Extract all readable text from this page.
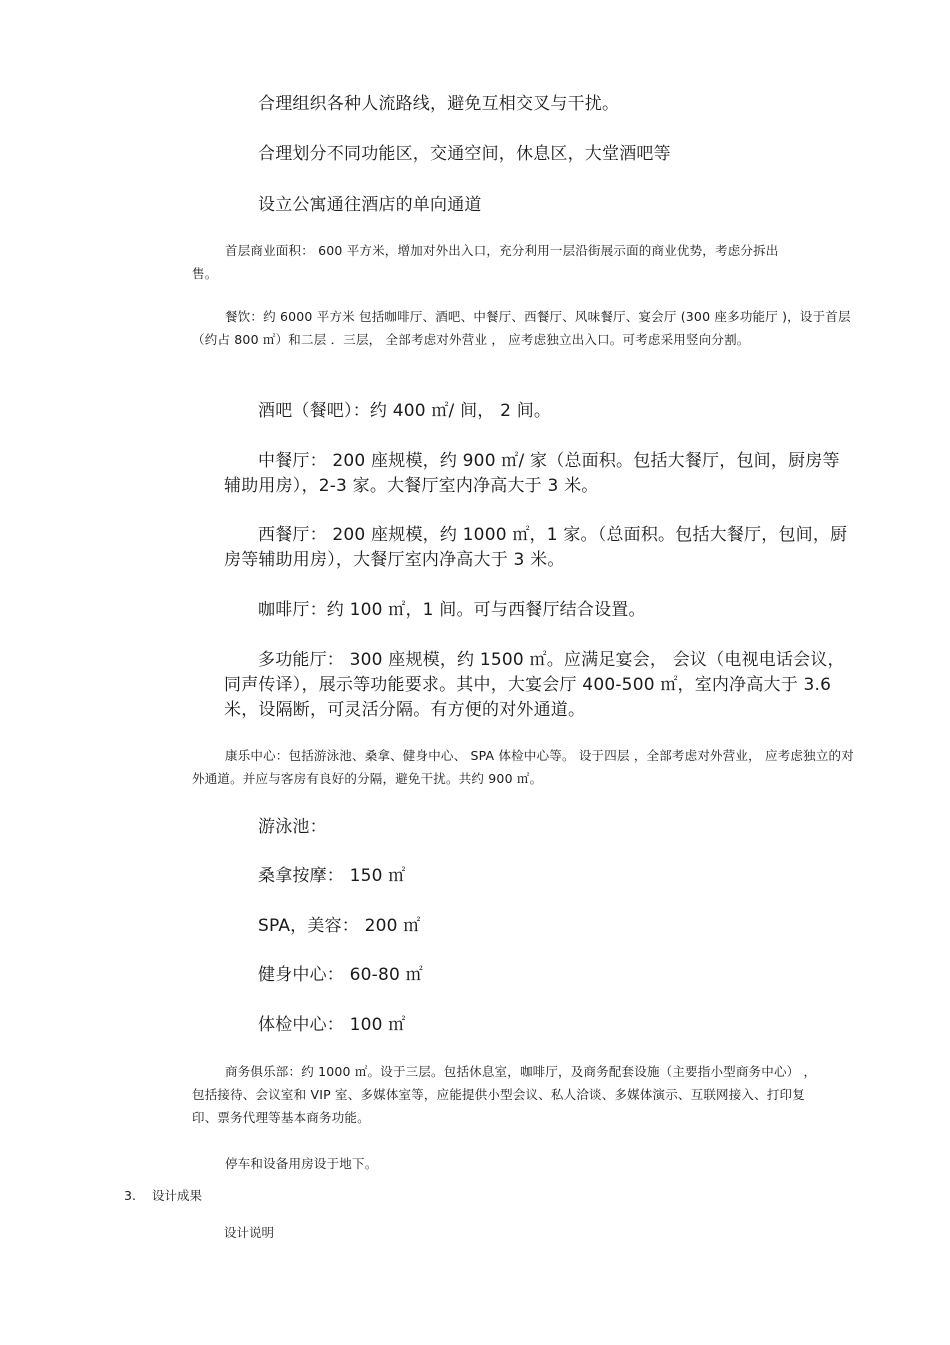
合理组织各种人流路线，避免互相交叉与干扰。
合理划分不同功能区，交通空间，休息区，大堂酒吧等
设立公寓通往酒店的单向通道
首层商业面积： 600 平方米，增加对外出入口，充分利用一层沿街展示面的商业优势，考虑分拆出售。
餐饮：约 6000 平方米 包括咖啡厅、酒吧、中餐厅、西餐厅、风味餐厅、宴会厅 (300 座多功能厅 )，设于首层（约占 800 ㎡）和二层 ．三层， 全部考虑对外营业 ， 应考虑独立出入口。可考虑采用竖向分割。
酒吧（餐吧）：约 400 ㎡/ 间， 2 间。
中餐厅： 200 座规模，约 900 ㎡/ 家（总面积。包括大餐厅，包间，厨房等辅助用房），2-3 家。大餐厅室内净高大于 3 米。
西餐厅： 200 座规模，约 1000 ㎡，1 家。（总面积。包括大餐厅，包间，厨房等辅助用房），大餐厅室内净高大于 3 米。
咖啡厅：约 100 ㎡，1 间。可与西餐厅结合设置。
多功能厅： 300 座规模，约 1500 ㎡。应满足宴会， 会议（电视电话会议，同声传译），展示等功能要求。其中，大宴会厅 400-500 ㎡，室内净高大于 3.6 米，设隔断，可灵活分隔。有方便的对外通道。
康乐中心：包括游泳池、桑拿、健身中心、 SPA 体检中心等。 设于四层 ，全部考虑对外营业， 应考虑独立的对外通道。并应与客房有良好的分隔，避免干扰。共约 900 ㎡。
游泳池：
桑拿按摩： 150 ㎡
SPA，美容： 200 ㎡
健身中心： 60-80 ㎡
体检中心： 100 ㎡
商务俱乐部：约 1000 ㎡。设于三层。包括休息室，咖啡厅，及商务配套设施（主要指小型商务中心） ，包括接待、会议室和 VIP 室、多媒体室等，应能提供小型会议、私人洽谈、多媒体演示、互联网接入、打印复印、票务代理等基本商务功能。
停车和设备用房设于地下。
3. 设计成果
设计说明
